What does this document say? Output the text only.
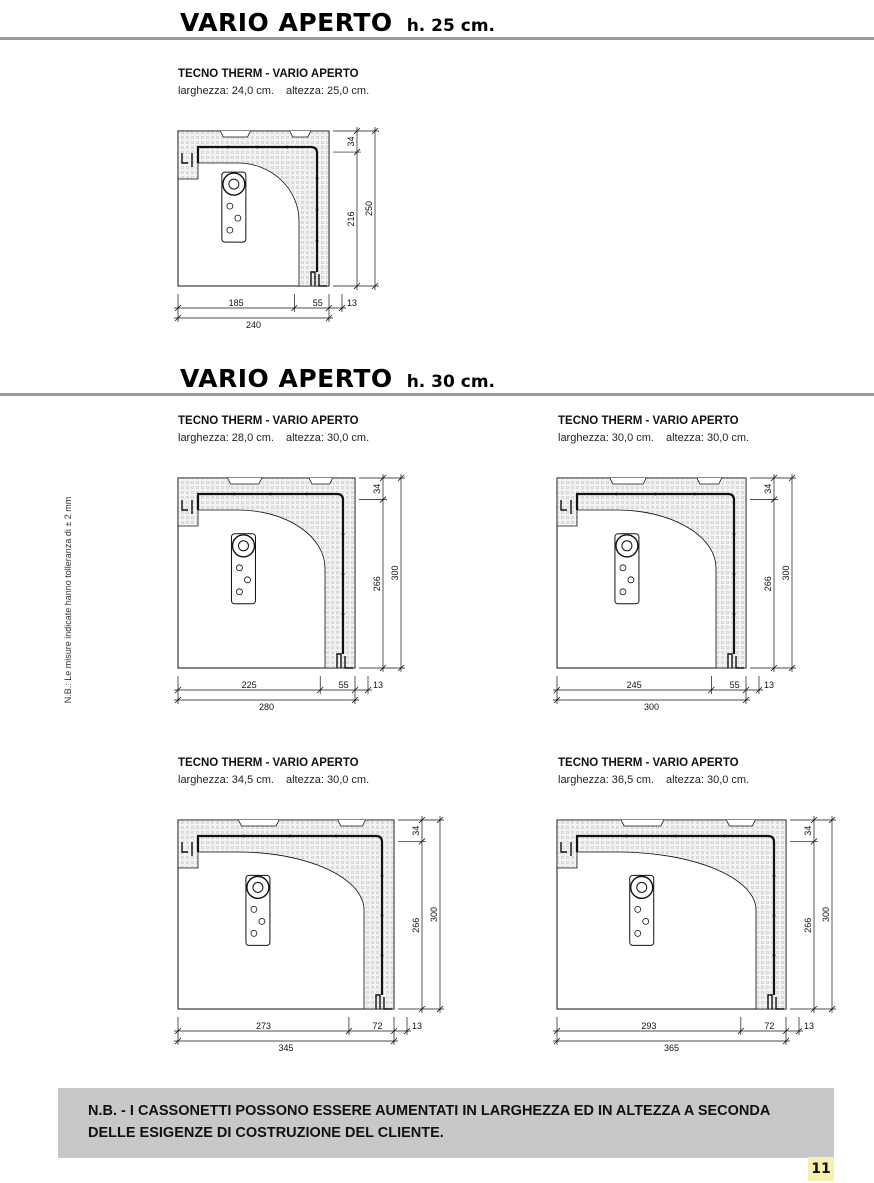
VARIO APERTO h. 25 cm.
VARIO APERTO h. 30 cm.
TECNO THERM - VARIO APERTO
larghezza: 24,0 cm. altezza: 25,0 cm.
TECNO THERM - VARIO APERTO
larghezza: 28,0 cm. altezza: 30,0 cm.
TECNO THERM - VARIO APERTO
larghezza: 30,0 cm. altezza: 30,0 cm.
TECNO THERM - VARIO APERTO
larghezza: 34,5 cm. altezza: 30,0 cm.
TECNO THERM - VARIO APERTO
larghezza: 36,5 cm. altezza: 30,0 cm.
185	55	13
240
34
216
250
225	55	13
280
34
266
300
245	55	13
300
34
266
300
273	72	13
345
34
266
300
293	72	13
365
34
266
300
N.B.: Le misure indicate hanno tolleranza di ± 2 mm
N.B. - I CASSONETTI POSSONO ESSERE AUMENTATI IN LARGHEZZA ED IN ALTEZZA A SECONDA
DELLE ESIGENZE DI COSTRUZIONE DEL CLIENTE.
11
